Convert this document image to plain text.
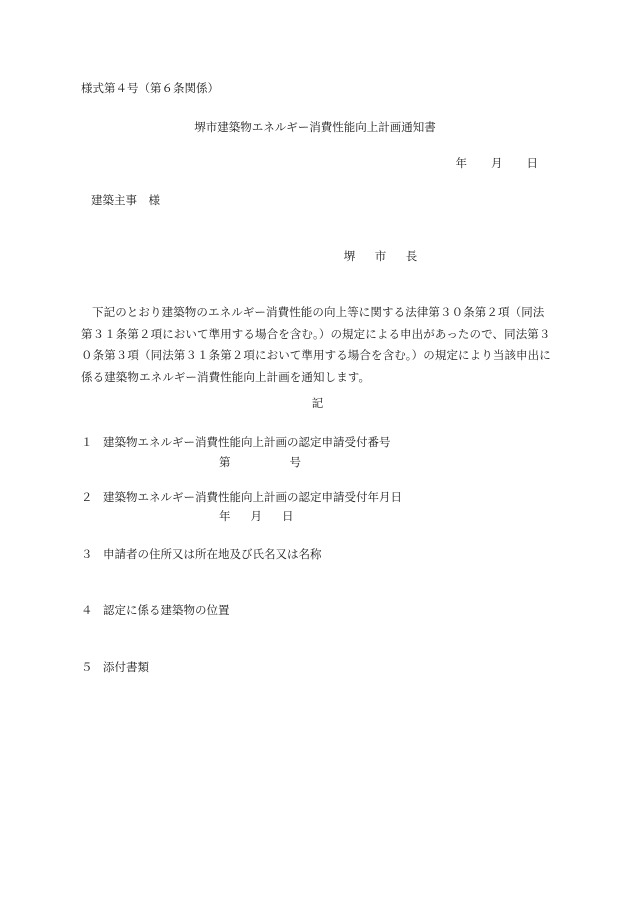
様式第４号（第６条関係）
堺市建築物エネルギー消費性能向上計画通知書
年 月 日
建築主事　様
堺　市　長
下記のとおり建築物のエネルギー消費性能の向上等に関する法律第３０条第２項（同法第３１条第２項において準用する場合を含む。）の規定による申出があったので、同法第３０条第３項（同法第３１条第２項において準用する場合を含む。）の規定により当該申出に係る建築物エネルギー消費性能向上計画を通知します。
記
１ 建築物エネルギー消費性能向上計画の認定申請受付番号
第	号
２ 建築物エネルギー消費性能向上計画の認定申請受付年月日
年 月 日
３ 申請者の住所又は所在地及び氏名又は名称
４ 認定に係る建築物の位置
５ 添付書類
